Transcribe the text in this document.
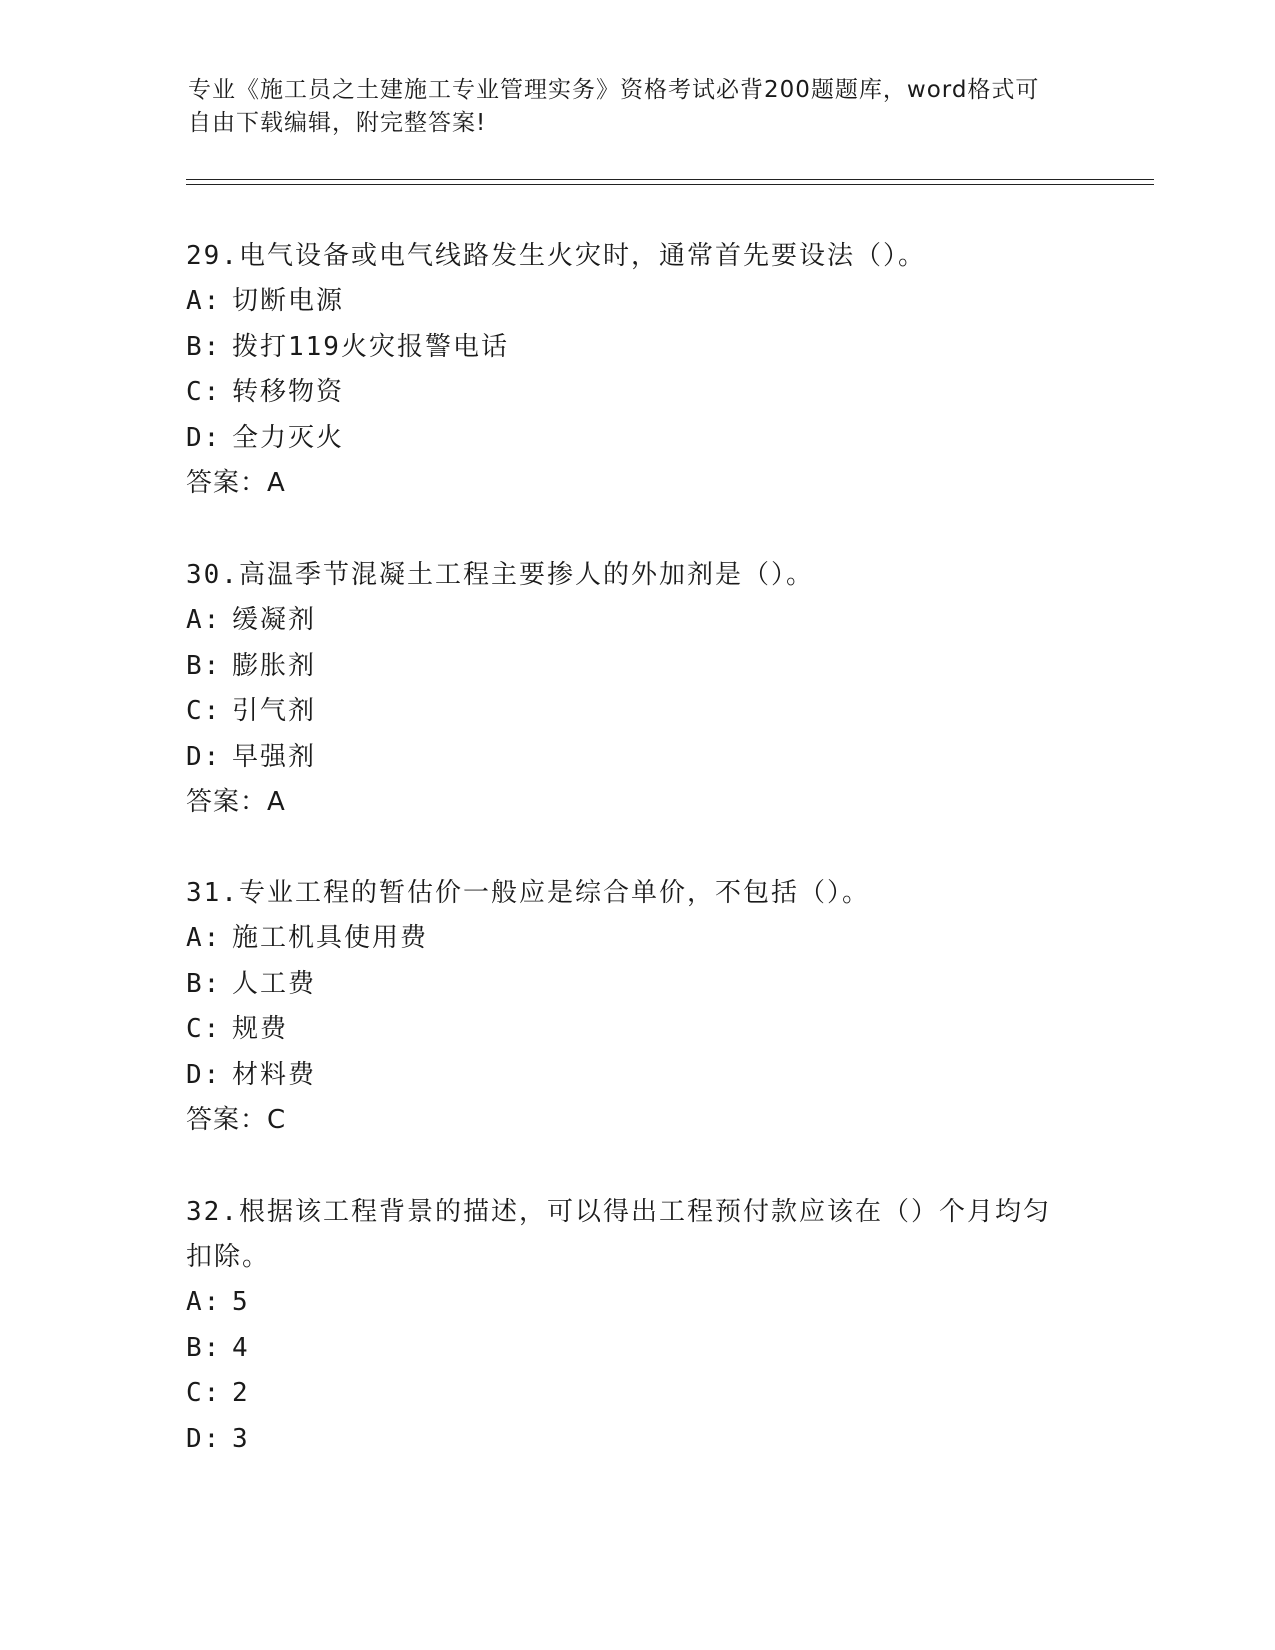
专业《施工员之土建施工专业管理实务》资格考试必背200题题库，word格式可
自由下载编辑，附完整答案!

29.电气设备或电气线路发生火灾时，通常首先要设法（）。

A: 切断电源

B: 拨打119火灾报警电话

C: 转移物资

D: 全力灭火

答案：A

30.高温季节混凝土工程主要掺人的外加剂是（）。

A: 缓凝剂

B: 膨胀剂

C: 引气剂

D: 早强剂

答案：A

31.专业工程的暂估价一般应是综合单价，不包括（）。

A: 施工机具使用费

B: 人工费

C: 规费

D: 材料费

答案：C

32.根据该工程背景的描述，可以得出工程预付款应该在（）个月均匀

扣除。

A: 5

B: 4

C: 2

D: 3
